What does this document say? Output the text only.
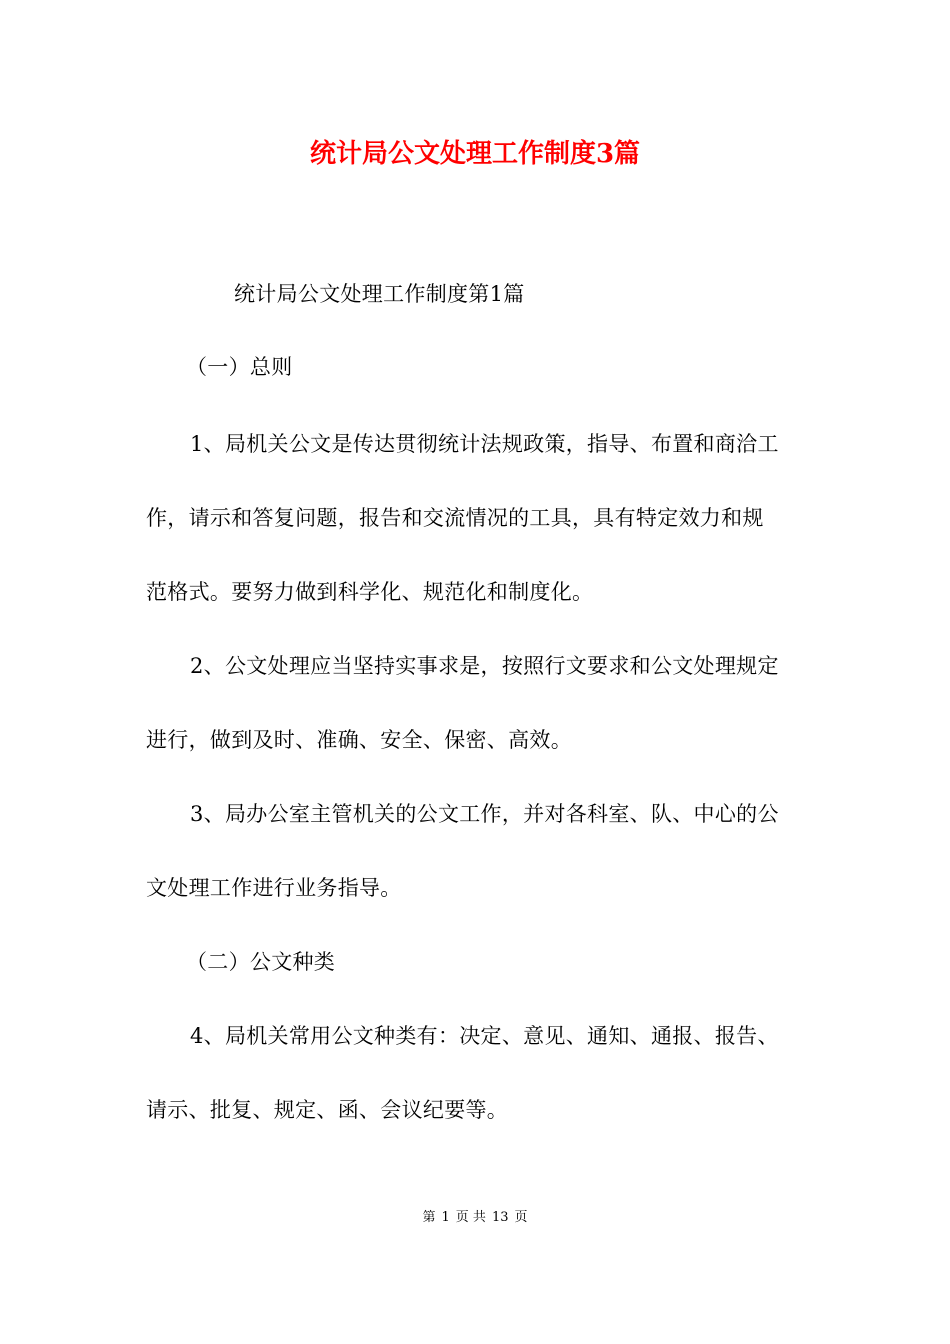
统计局公文处理工作制度3篇
统计局公文处理工作制度第1篇
（一）总则
1、局机关公文是传达贯彻统计法规政策，指导、布置和商洽工
作，请示和答复问题，报告和交流情况的工具，具有特定效力和规
范格式。要努力做到科学化、规范化和制度化。
2、公文处理应当坚持实事求是，按照行文要求和公文处理规定
进行，做到及时、准确、安全、保密、高效。
3、局办公室主管机关的公文工作，并对各科室、队、中心的公
文处理工作进行业务指导。
（二）公文种类
4、局机关常用公文种类有：决定、意见、通知、通报、报告、
请示、批复、规定、函、会议纪要等。
第 1 页 共 13 页
